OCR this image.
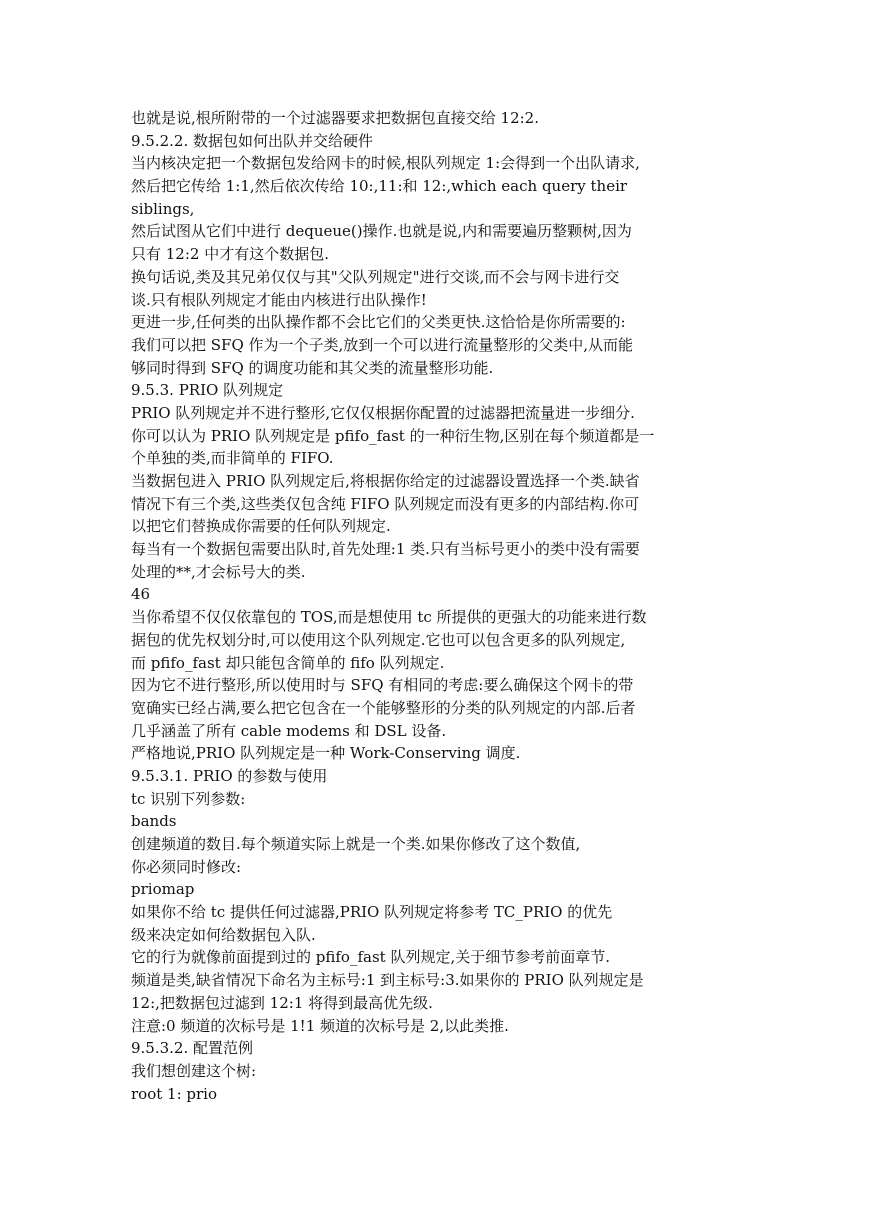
也就是说,根所附带的一个过滤器要求把数据包直接交给 12:2.
9.5.2.2. 数据包如何出队并交给硬件
当内核决定把一个数据包发给网卡的时候,根队列规定 1:会得到一个出队请求,
然后把它传给 1:1,然后依次传给 10:,11:和 12:,which each query their
siblings,
然后试图从它们中进行 dequeue()操作.也就是说,内和需要遍历整颗树,因为
只有 12:2 中才有这个数据包.
换句话说,类及其兄弟仅仅与其"父队列规定"进行交谈,而不会与网卡进行交
谈.只有根队列规定才能由内核进行出队操作!
更进一步,任何类的出队操作都不会比它们的父类更快.这恰恰是你所需要的:
我们可以把 SFQ 作为一个子类,放到一个可以进行流量整形的父类中,从而能
够同时得到 SFQ 的调度功能和其父类的流量整形功能.
9.5.3. PRIO 队列规定
PRIO 队列规定并不进行整形,它仅仅根据你配置的过滤器把流量进一步细分.
你可以认为 PRIO 队列规定是 pfifo_fast 的一种衍生物,区别在每个频道都是一
个单独的类,而非简单的 FIFO.
当数据包进入 PRIO 队列规定后,将根据你给定的过滤器设置选择一个类.缺省
情况下有三个类,这些类仅包含纯 FIFO 队列规定而没有更多的内部结构.你可
以把它们替换成你需要的任何队列规定.
每当有一个数据包需要出队时,首先处理:1 类.只有当标号更小的类中没有需要
处理的**,才会标号大的类.
46
当你希望不仅仅依靠包的 TOS,而是想使用 tc 所提供的更强大的功能来进行数
据包的优先权划分时,可以使用这个队列规定.它也可以包含更多的队列规定,
而 pfifo_fast 却只能包含简单的 fifo 队列规定.
因为它不进行整形,所以使用时与 SFQ 有相同的考虑:要么确保这个网卡的带
宽确实已经占满,要么把它包含在一个能够整形的分类的队列规定的内部.后者
几乎涵盖了所有 cable modems 和 DSL 设备.
严格地说,PRIO 队列规定是一种 Work-Conserving 调度.
9.5.3.1. PRIO 的参数与使用
tc 识别下列参数:
bands
创建频道的数目.每个频道实际上就是一个类.如果你修改了这个数值,
你必须同时修改:
priomap
如果你不给 tc 提供任何过滤器,PRIO 队列规定将参考 TC_PRIO 的优先
级来决定如何给数据包入队.
它的行为就像前面提到过的 pfifo_fast 队列规定,关于细节参考前面章节.
频道是类,缺省情况下命名为主标号:1 到主标号:3.如果你的 PRIO 队列规定是
12:,把数据包过滤到 12:1 将得到最高优先级.
注意:0 频道的次标号是 1!1 频道的次标号是 2,以此类推.
9.5.3.2. 配置范例
我们想创建这个树:
root 1: prio
